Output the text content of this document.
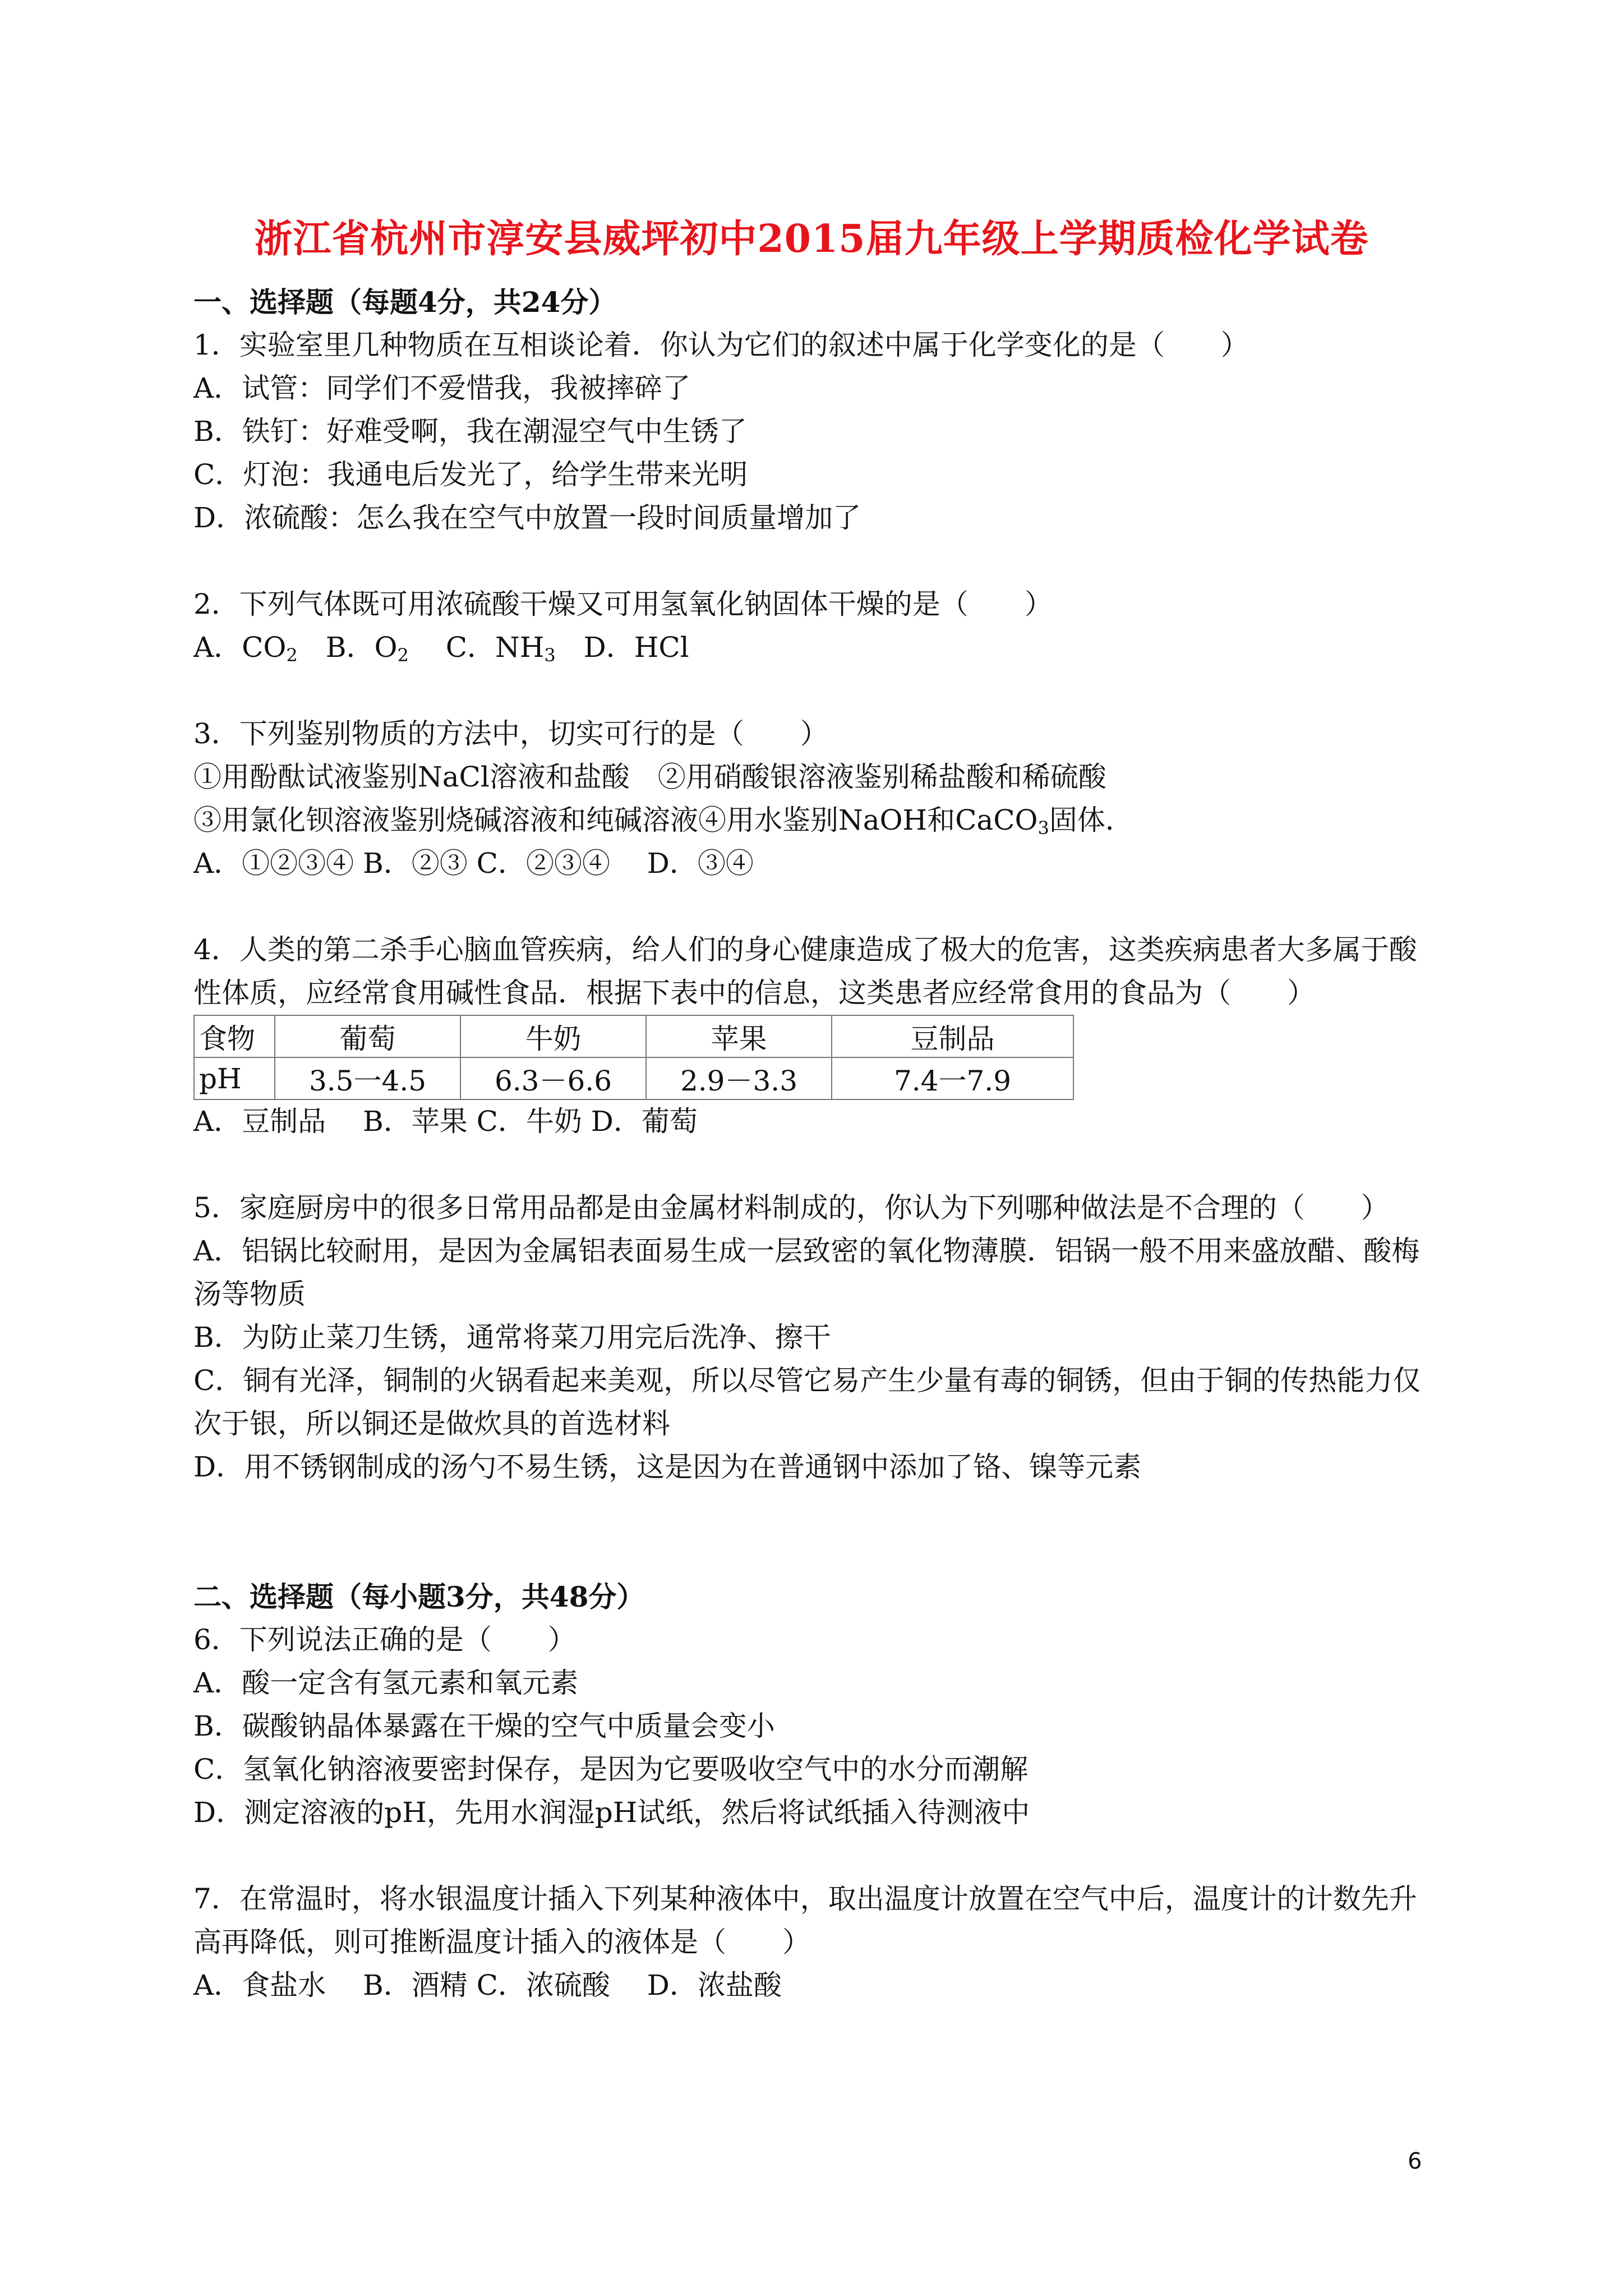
浙江省杭州市淳安县威坪初中2015届九年级上学期质检化学试卷
一、选择题（每题4分，共24分）
1．实验室里几种物质在互相谈论着．你认为它们的叙述中属于化学变化的是（　　）
A．试管：同学们不爱惜我，我被摔碎了
B．铁钉：好难受啊，我在潮湿空气中生锈了
C．灯泡：我通电后发光了，给学生带来光明
D．浓硫酸：怎么我在空气中放置一段时间质量增加了
2．下列气体既可用浓硫酸干燥又可用氢氧化钠固体干燥的是（　　）
A．$CO_2$　B．$O_2$　 C．$NH_3$　D．HCl
3．下列鉴别物质的方法中，切实可行的是（　　）
①用酚酞试液鉴别NaCl溶液和盐酸　②用硝酸银溶液鉴别稀盐酸和稀硫酸
③用氯化钡溶液鉴别烧碱溶液和纯碱溶液④用水鉴别NaOH和CaCO$_3$固体．
A．①②③④ B．②③ C．②③④　 D．③④
4．人类的第二杀手心脑血管疾病，给人们的身心健康造成了极大的危害，这类疾病患者大多属于酸
性体质，应经常食用碱性食品．根据下表中的信息，这类患者应经常食用的食品为（　　）
食物	葡萄	牛奶	苹果	豆制品
pH	3.5一4.5	6.3－6.6	2.9－3.3	7.4一7.9
A．豆制品　 B．苹果 C．牛奶 D．葡萄
5．家庭厨房中的很多日常用品都是由金属材料制成的，你认为下列哪种做法是不合理的（　　）
A．铝锅比较耐用，是因为金属铝表面易生成一层致密的氧化物薄膜．铝锅一般不用来盛放醋、酸梅
汤等物质
B．为防止菜刀生锈，通常将菜刀用完后洗净、擦干
C．铜有光泽，铜制的火锅看起来美观，所以尽管它易产生少量有毒的铜锈，但由于铜的传热能力仅
次于银，所以铜还是做炊具的首选材料
D．用不锈钢制成的汤勺不易生锈，这是因为在普通钢中添加了铬、镍等元素
二、选择题（每小题3分，共48分）
6．下列说法正确的是（　　）
A．酸一定含有氢元素和氧元素
B．碳酸钠晶体暴露在干燥的空气中质量会变小
C．氢氧化钠溶液要密封保存，是因为它要吸收空气中的水分而潮解
D．测定溶液的pH，先用水润湿pH试纸，然后将试纸插入待测液中
7．在常温时，将水银温度计插入下列某种液体中，取出温度计放置在空气中后，温度计的计数先升
高再降低，则可推断温度计插入的液体是（　　）
A．食盐水　 B．酒精 C．浓硫酸　 D．浓盐酸
6
